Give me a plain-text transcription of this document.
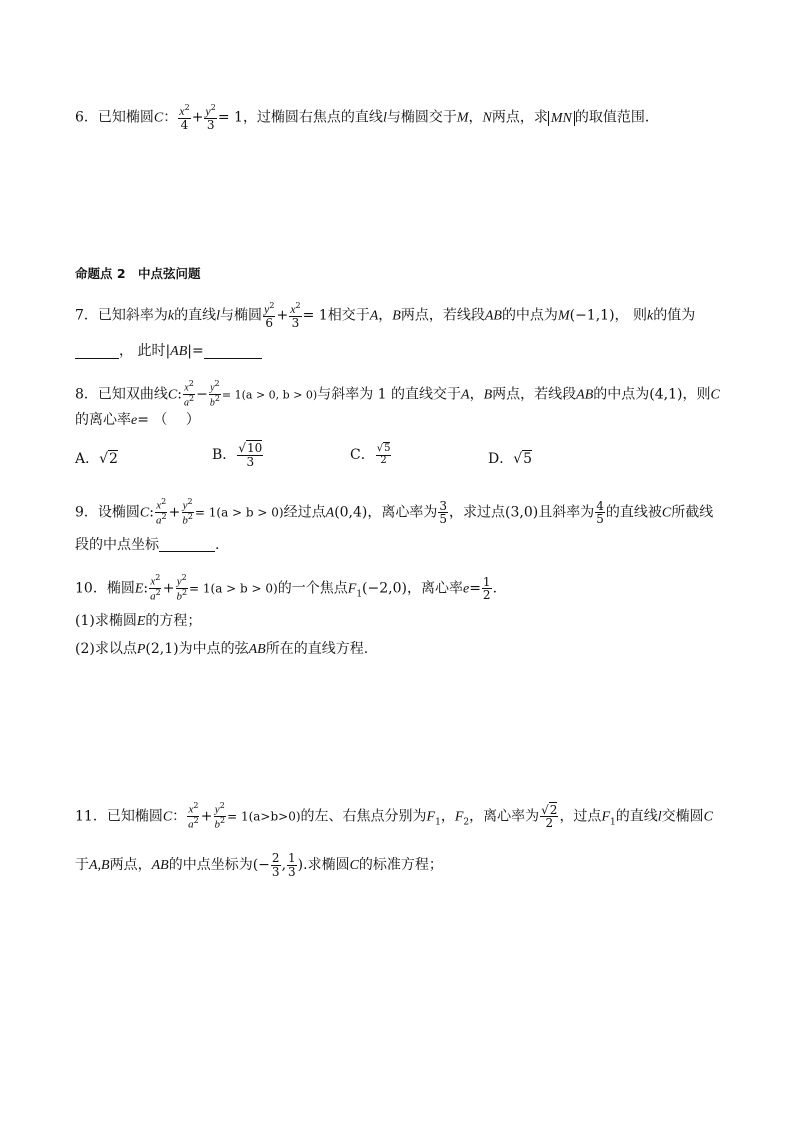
6．已知椭圆C： $\frac{x^2}{4} + \frac{y^2}{3} = 1$，过椭圆右焦点的直线l与椭圆交于M，N两点，求 MN 的取值范围．
命题点 2　中点弦问题
7．已知斜率为k的直线l与椭圆 $\frac{y^2}{6} + \frac{x^2}{3} = 1$相交于A，B两点，若线段AB的中点为M(−1,1)， 则k的值为
， 此时|AB|=
8．已知双曲线C: $\frac{x^2}{a^2} - \frac{y^2}{b^2} = 1(a > 0$, b > 0)与斜率为 1 的直线交于A，B两点，若线段AB的中点为(4,1)，则C
的离心率e= （　 ）
A．√2	B． $\frac{√10}{3}$	C． $\frac{√5}{2}$	D．√5
9．设椭圆C: $\frac{x^2}{a^2} + \frac{y^2}{b^2} = 1(a > b > 0)$经过点A(0,4)，离心率为 $\frac{3}{5}$ ，求过点(3,0)且斜率为 $\frac{4}{5}$ 的直线被C所截线
段的中点坐标	.
10．椭圆E: $\frac{x^2}{a^2} + \frac{y^2}{b^2} = 1(a > b > 0)$的一个焦点$F_1(-2,0)$，离心率$e= \frac{1}{2}$ .
(1)求椭圆E的方程；
(2)求以点P(2,1)为中点的弦AB所在的直线方程.
11．已知椭圆C： $\frac{x^2}{a^2} + \frac{y^2}{b^2} = 1(a>b>0)$的左、右焦点分别为$F_1$，$F_2$，离心率为 $\frac{√2}{2}$ ，过点$F_1$的直线l交椭圆C
于A,B两点，AB的中点坐标为(− $\frac{2}{3}$ , $\frac{1}{3}$ ).求椭圆C的标准方程；
